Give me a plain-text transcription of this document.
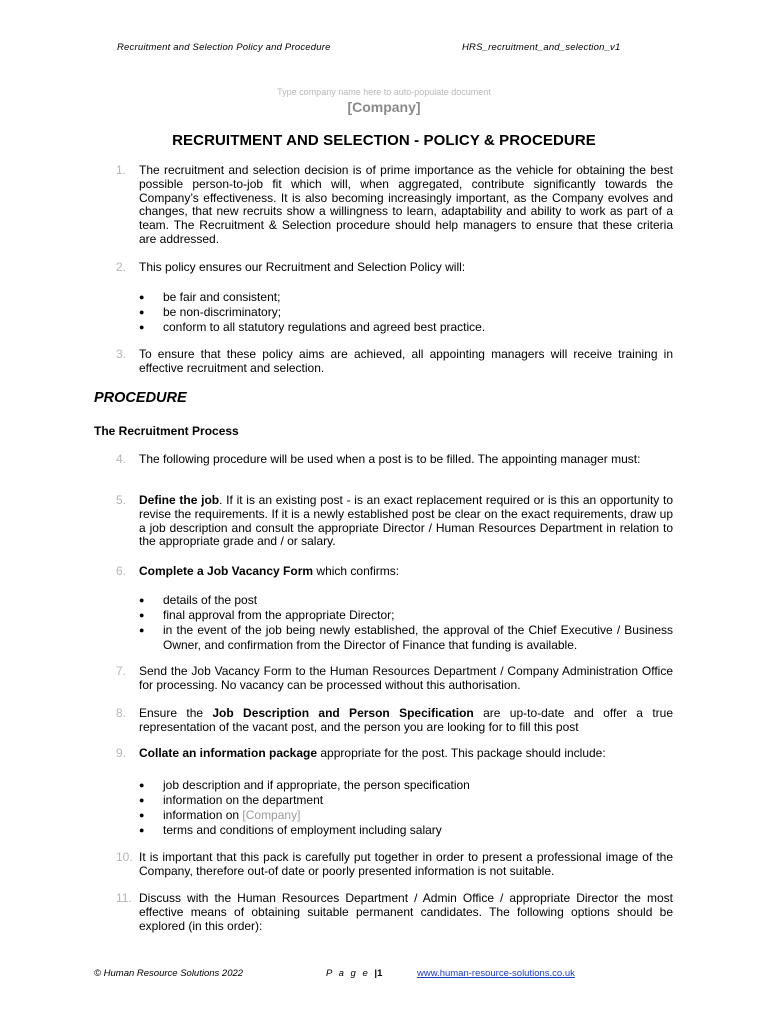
Recruitment and Selection Policy and Procedure	HRS_recruitment_and_selection_v1
Type company name here to auto-populate document
[Company]
RECRUITMENT AND SELECTION - POLICY & PROCEDURE
1. The recruitment and selection decision is of prime importance as the vehicle for obtaining the best possible person-to-job fit which will, when aggregated, contribute significantly towards the Company’s effectiveness. It is also becoming increasingly important, as the Company evolves and changes, that new recruits show a willingness to learn, adaptability and ability to work as part of a team. The Recruitment & Selection procedure should help managers to ensure that these criteria are addressed.
2. This policy ensures our Recruitment and Selection Policy will:
● be fair and consistent;
● be non-discriminatory;
● conform to all statutory regulations and agreed best practice.
3. To ensure that these policy aims are achieved, all appointing managers will receive training in effective recruitment and selection.
PROCEDURE
The Recruitment Process
4. The following procedure will be used when a post is to be filled. The appointing manager must:
5. Define the job. If it is an existing post - is an exact replacement required or is this an opportunity to revise the requirements. If it is a newly established post be clear on the exact requirements, draw up a job description and consult the appropriate Director / Human Resources Department in relation to the appropriate grade and / or salary.
6. Complete a Job Vacancy Form which confirms:
● details of the post
● final approval from the appropriate Director;
● in the event of the job being newly established, the approval of the Chief Executive / Business Owner, and confirmation from the Director of Finance that funding is available.
7. Send the Job Vacancy Form to the Human Resources Department / Company Administration Office for processing. No vacancy can be processed without this authorisation.
8. Ensure the Job Description and Person Specification are up-to-date and offer a true representation of the vacant post, and the person you are looking for to fill this post
9. Collate an information package appropriate for the post. This package should include:
● job description and if appropriate, the person specification
● information on the department
● information on [Company]
● terms and conditions of employment including salary
10. It is important that this pack is carefully put together in order to present a professional image of the Company, therefore out-of date or poorly presented information is not suitable.
11. Discuss with the Human Resources Department / Admin Office / appropriate Director the most effective means of obtaining suitable permanent candidates. The following options should be explored (in this order):
© Human Resource Solutions 2022	P a g e |1	www.human-resource-solutions.co.uk
